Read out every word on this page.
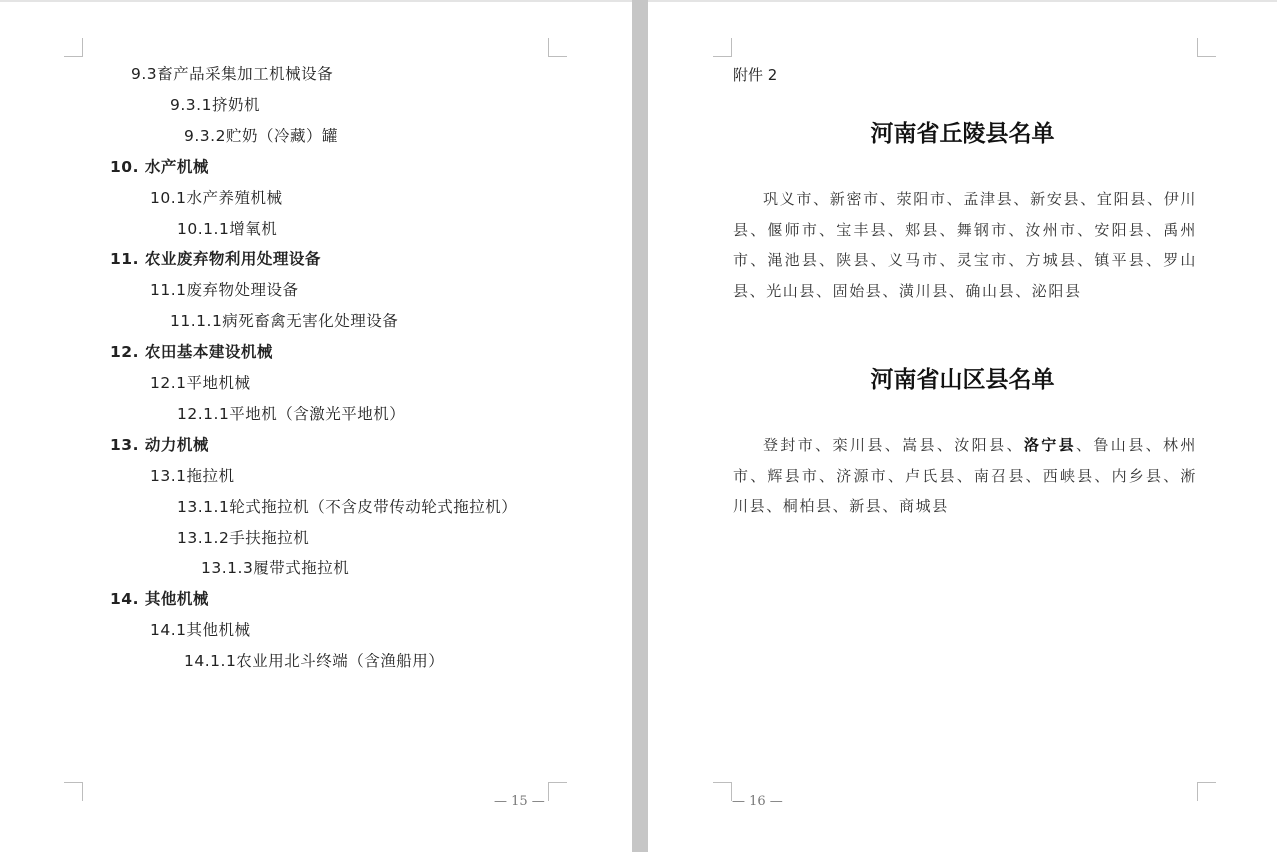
9.3畜产品采集加工机械设备
9.3.1挤奶机
9.3.2贮奶（冷藏）罐
10. 水产机械
10.1水产养殖机械
10.1.1增氧机
11. 农业废弃物利用处理设备
11.1废弃物处理设备
11.1.1病死畜禽无害化处理设备
12. 农田基本建设机械
12.1平地机械
12.1.1平地机（含激光平地机）
13. 动力机械
13.1拖拉机
13.1.1轮式拖拉机（不含皮带传动轮式拖拉机）
13.1.2手扶拖拉机
13.1.3履带式拖拉机
14. 其他机械
14.1其他机械
14.1.1农业用北斗终端（含渔船用）
— 15 —
附件 2
河南省丘陵县名单
巩义市、新密市、荥阳市、孟津县、新安县、宜阳县、伊川县、偃师市、宝丰县、郏县、舞钢市、汝州市、安阳县、禹州市、渑池县、陕县、义马市、灵宝市、方城县、镇平县、罗山县、光山县、固始县、潢川县、确山县、泌阳县
河南省山区县名单
登封市、栾川县、嵩县、汝阳县、洛宁县、鲁山县、林州市、辉县市、济源市、卢氏县、南召县、西峡县、内乡县、淅川县、桐柏县、新县、商城县
— 16 —
